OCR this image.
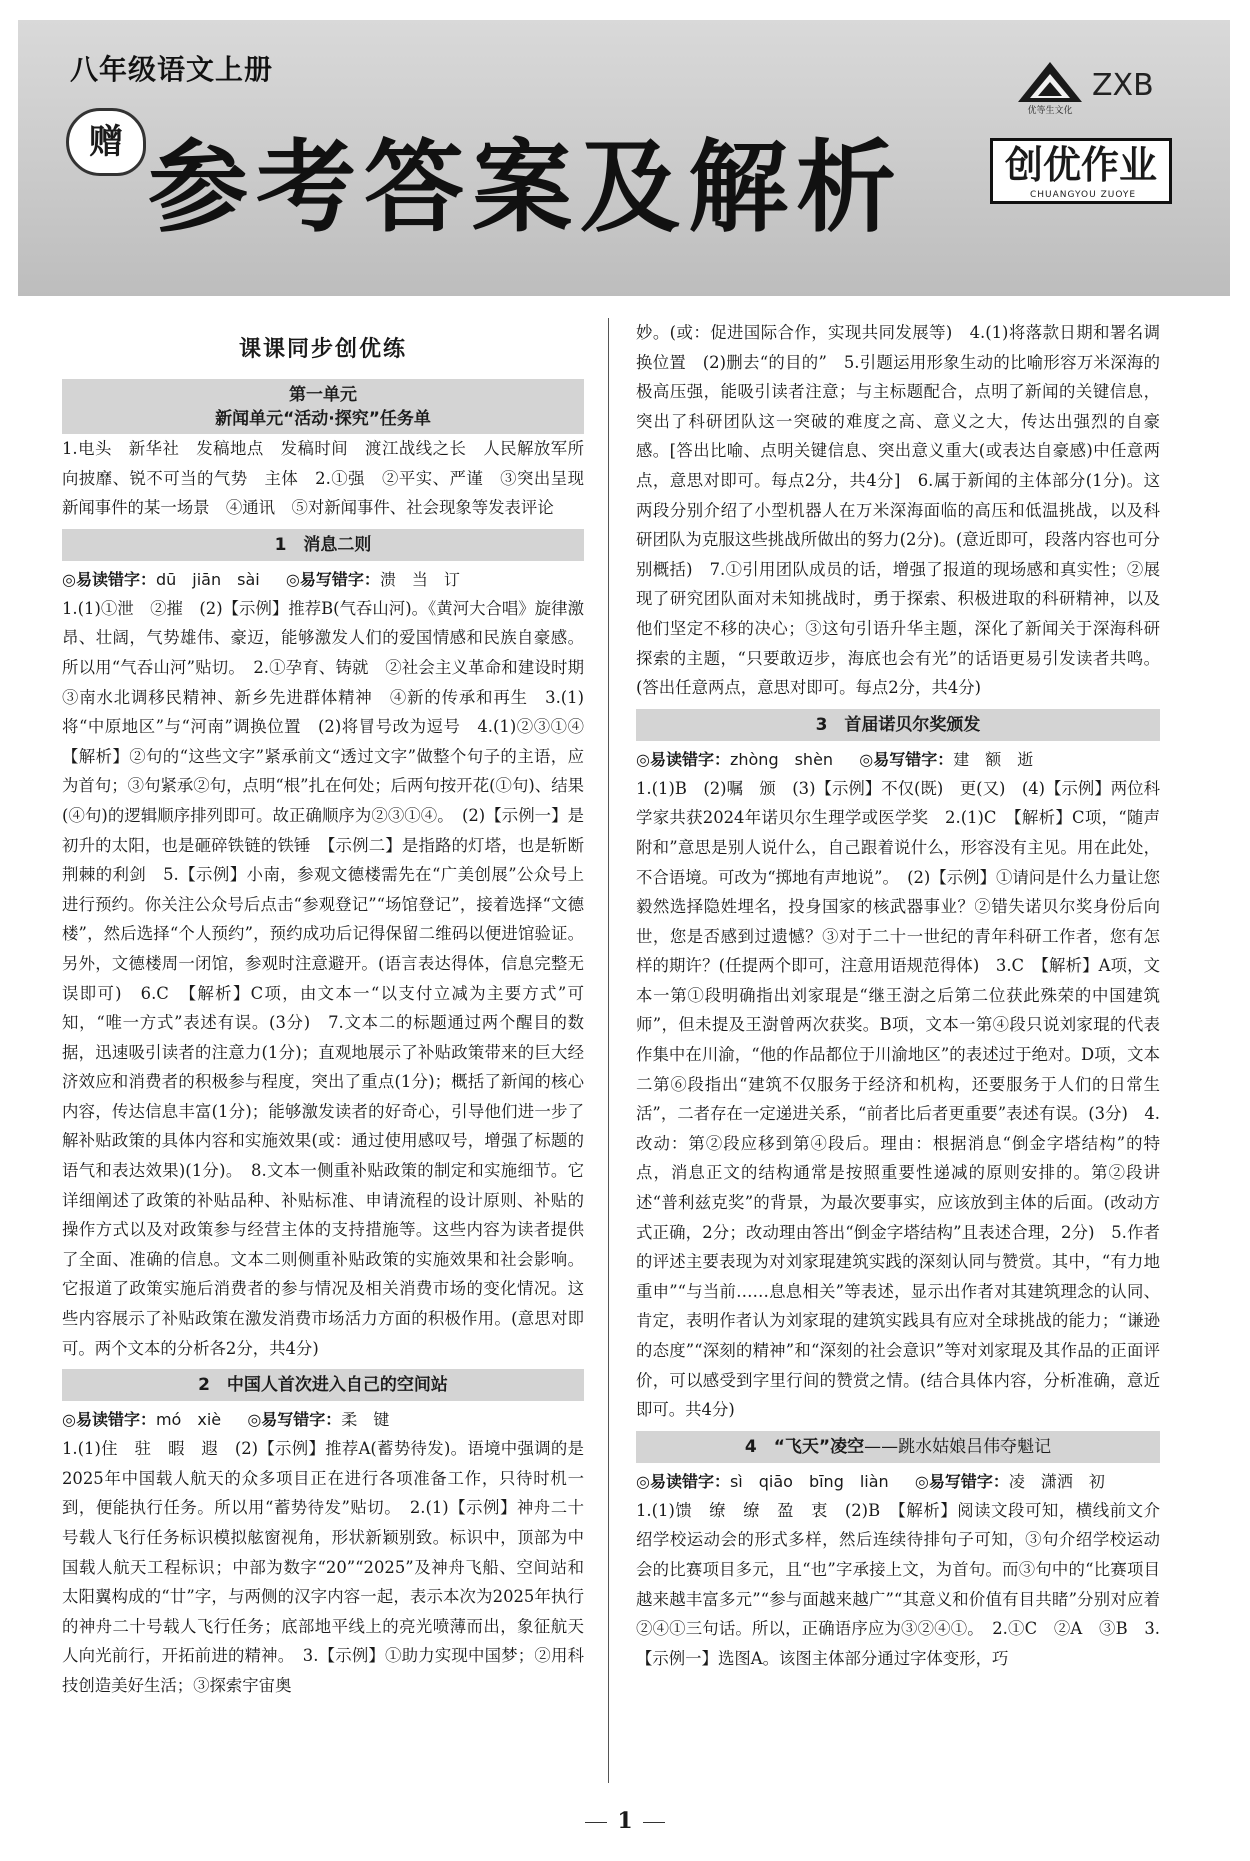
八年级语文上册
赠 参考答案及解析
优等生文化
ZXB
创优作业
CHUANGYOU ZUOYE
课课同步创优练
第一单元
新闻单元“活动·探究”任务单
1.电头　新华社　发稿地点　发稿时间　渡江战线之长　人民解放军所向披靡、锐不可当的气势　主体　2.①强　②平实、严谨　③突出呈现新闻事件的某一场景　④通讯　⑤对新闻事件、社会现象等发表评论
1　消息二则
◎易读错字：dū　jiān　sài 　 ◎易写错字：溃　当　订
1.(1)①泄　②摧　(2)【示例】推荐B(气吞山河)。《黄河大合唱》旋律激昂、壮阔，气势雄伟、豪迈，能够激发人们的爱国情感和民族自豪感。所以用“气吞山河”贴切。　2.①孕育、铸就　②社会主义革命和建设时期　③南水北调移民精神、新乡先进群体精神　④新的传承和再生　3.(1)将“中原地区”与“河南”调换位置　(2)将冒号改为逗号　4.(1)②③①④　【解析】②句的“这些文字”紧承前文“透过文字”做整个句子的主语，应为首句；③句紧承②句，点明“根”扎在何处；后两句按开花(①句)、结果(④句)的逻辑顺序排列即可。故正确顺序为②③①④。　(2)【示例一】是初升的太阳，也是砸碎铁链的铁锤　【示例二】是指路的灯塔，也是斩断荆棘的利剑　5.【示例】小南，参观文德楼需先在“广美创展”公众号上进行预约。你关注公众号后点击“参观登记”“场馆登记”，接着选择“文德楼”，然后选择“个人预约”，预约成功后记得保留二维码以便进馆验证。另外，文德楼周一闭馆，参观时注意避开。(语言表达得体，信息完整无误即可)　6.C　【解析】C项，由文本一“以支付立减为主要方式”可知，“唯一方式”表述有误。(3分)　7.文本二的标题通过两个醒目的数据，迅速吸引读者的注意力(1分)；直观地展示了补贴政策带来的巨大经济效应和消费者的积极参与程度，突出了重点(1分)；概括了新闻的核心内容，传达信息丰富(1分)；能够激发读者的好奇心，引导他们进一步了解补贴政策的具体内容和实施效果(或：通过使用感叹号，增强了标题的语气和表达效果)(1分)。　8.文本一侧重补贴政策的制定和实施细节。它详细阐述了政策的补贴品种、补贴标准、申请流程的设计原则、补贴的操作方式以及对政策参与经营主体的支持措施等。这些内容为读者提供了全面、准确的信息。文本二则侧重补贴政策的实施效果和社会影响。它报道了政策实施后消费者的参与情况及相关消费市场的变化情况。这些内容展示了补贴政策在激发消费市场活力方面的积极作用。(意思对即可。两个文本的分析各2分，共4分)
2　中国人首次进入自己的空间站
◎易读错字：mó　xiè 　 ◎易写错字：柔　键
1.(1)住　驻　暇　遐　(2)【示例】推荐A(蓄势待发)。语境中强调的是2025年中国载人航天的众多项目正在进行各项准备工作，只待时机一到，便能执行任务。所以用“蓄势待发”贴切。　2.(1)【示例】神舟二十号载人飞行任务标识模拟舷窗视角，形状新颖别致。标识中，顶部为中国载人航天工程标识；中部为数字“20”“2025”及神舟飞船、空间站和太阳翼构成的“廿”字，与两侧的汉字内容一起，表示本次为2025年执行的神舟二十号载人飞行任务；底部地平线上的亮光喷薄而出，象征航天人向光前行，开拓前进的精神。　3.【示例】①助力实现中国梦；②用科技创造美好生活；③探索宇宙奥
妙。(或：促进国际合作，实现共同发展等)　4.(1)将落款日期和署名调换位置　(2)删去“的目的”　5.引题运用形象生动的比喻形容万米深海的极高压强，能吸引读者注意；与主标题配合，点明了新闻的关键信息，突出了科研团队这一突破的难度之高、意义之大，传达出强烈的自豪感。[答出比喻、点明关键信息、突出意义重大(或表达自豪感)中任意两点，意思对即可。每点2分，共4分]　6.属于新闻的主体部分(1分)。这两段分别介绍了小型机器人在万米深海面临的高压和低温挑战，以及科研团队为克服这些挑战所做出的努力(2分)。(意近即可，段落内容也可分别概括)　7.①引用团队成员的话，增强了报道的现场感和真实性；②展现了研究团队面对未知挑战时，勇于探索、积极进取的科研精神，以及他们坚定不移的决心；③这句引语升华主题，深化了新闻关于深海科研探索的主题，“只要敢迈步，海底也会有光”的话语更易引发读者共鸣。(答出任意两点，意思对即可。每点2分，共4分)
3　首届诺贝尔奖颁发
◎易读错字：zhòng　shèn 　 ◎易写错字：建　额　逝
1.(1)B　(2)嘱　颁　(3)【示例】不仅(既)　更(又)　(4)【示例】两位科学家共获2024年诺贝尔生理学或医学奖　2.(1)C　【解析】C项，“随声附和”意思是别人说什么，自己跟着说什么，形容没有主见。用在此处，不合语境。可改为“掷地有声地说”。　(2)【示例】①请问是什么力量让您毅然选择隐姓埋名，投身国家的核武器事业？②错失诺贝尔奖身份后向世，您是否感到过遗憾？③对于二十一世纪的青年科研工作者，您有怎样的期许？(任提两个即可，注意用语规范得体)　3.C　【解析】A项，文本一第①段明确指出刘家琨是“继王澍之后第二位获此殊荣的中国建筑师”，但未提及王澍曾两次获奖。B项，文本一第④段只说刘家琨的代表作集中在川渝，“他的作品都位于川渝地区”的表述过于绝对。D项，文本二第⑥段指出“建筑不仅服务于经济和机构，还要服务于人们的日常生活”，二者存在一定递进关系，“前者比后者更重要”表述有误。(3分)　4.改动：第②段应移到第④段后。理由：根据消息“倒金字塔结构”的特点，消息正文的结构通常是按照重要性递减的原则安排的。第②段讲述“普利兹克奖”的背景，为最次要事实，应该放到主体的后面。(改动方式正确，2分；改动理由答出“倒金字塔结构”且表述合理，2分)　5.作者的评述主要表现为对刘家琨建筑实践的深刻认同与赞赏。其中，“有力地重申”“与当前……息息相关”等表述，显示出作者对其建筑理念的认同、肯定，表明作者认为刘家琨的建筑实践具有应对全球挑战的能力；“谦逊的态度”“深刻的精神”和“深刻的社会意识”等对刘家琨及其作品的正面评价，可以感受到字里行间的赞赏之情。(结合具体内容，分析准确，意近即可。共4分)
4　“飞天”凌空——跳水姑娘吕伟夺魁记
◎易读错字：sì　qiāo　bīng　liàn 　 ◎易写错字：凌　潇洒　初
1.(1)馈　缭　缭　盈　衷　(2)B　【解析】阅读文段可知，横线前文介绍学校运动会的形式多样，然后连续待排句子可知，③句介绍学校运动会的比赛项目多元，且“也”字承接上文，为首句。而③句中的“比赛项目越来越丰富多元”“参与面越来越广”“其意义和价值有目共睹”分别对应着②④①三句话。所以，正确语序应为③②④①。　2.①C　②A　③B　3.【示例一】选图A。该图主体部分通过字体变形，巧
1
